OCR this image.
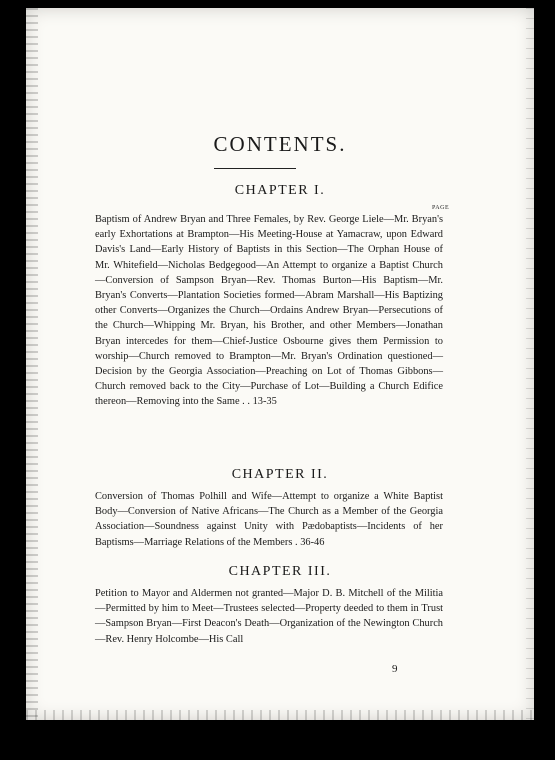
CONTENTS.
CHAPTER I.
PAGE
Baptism of Andrew Bryan and Three Females, by Rev. George Liele—Mr. Bryan's early Exhortations at Brampton—His Meeting-House at Yamacraw, upon Edward Davis's Land—Early History of Baptists in this Section—The Orphan House of Mr. Whitefield—Nicholas Bedgegood—An Attempt to organize a Baptist Church—Conversion of Sampson Bryan—Rev. Thomas Burton—His Baptism—Mr. Bryan's Converts—Plantation Societies formed—Abram Marshall—His Baptizing other Converts—Organizes the Church—Ordains Andrew Bryan—Persecutions of the Church—Whipping Mr. Bryan, his Brother, and other Members—Jonathan Bryan intercedes for them—Chief-Justice Osbourne gives them Permission to worship—Church removed to Brampton—Mr. Bryan's Ordination questioned—Decision by the Georgia Association—Preaching on Lot of Thomas Gibbons—Church removed back to the City—Purchase of Lot—Building a Church Edifice thereon—Removing into the Same . . 13-35
CHAPTER II.
Conversion of Thomas Polhill and Wife—Attempt to organize a White Baptist Body—Conversion of Native Africans—The Church as a Member of the Georgia Association—Soundness against Unity with Pædobaptists—Incidents of her Baptisms—Marriage Relations of the Members . 36-46
CHAPTER III.
Petition to Mayor and Aldermen not granted—Major D. B. Mitchell of the Militia—Permitted by him to Meet—Trustees selected—Property deeded to them in Trust—Sampson Bryan—First Deacon's Death—Organization of the Newington Church—Rev. Henry Holcombe—His Call
9
